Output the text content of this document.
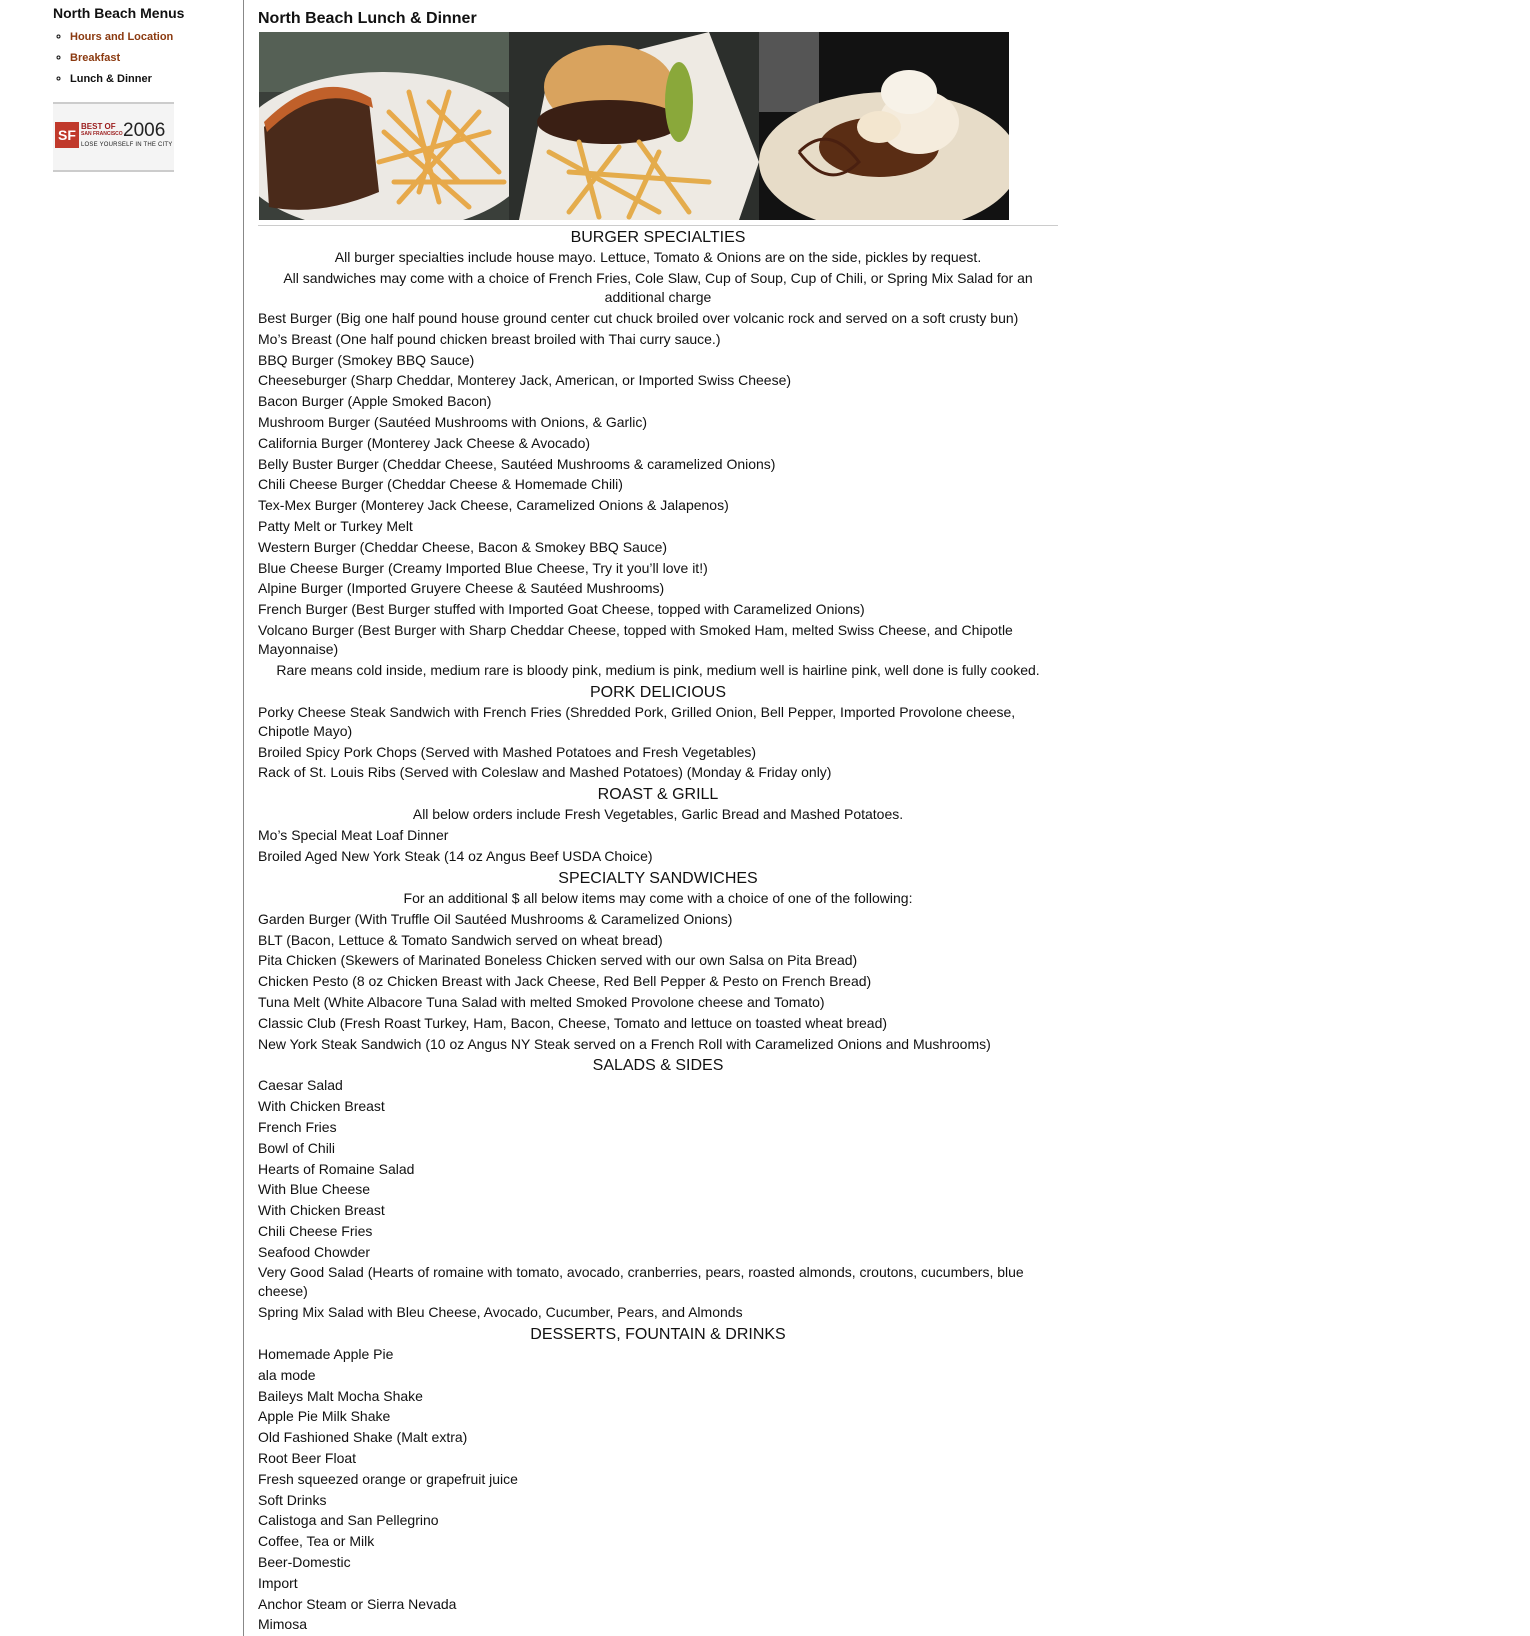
North Beach Menus
◦ Hours and Location
◦ Breakfast
◦ Lunch & Dinner
SF
BEST OF
SAN FRANCISCO 2006
LOSE YOURSELF IN THE CITY
North Beach Lunch & Dinner
BURGER SPECIALTIES
All burger specialties include house mayo. Lettuce, Tomato & Onions are on the side, pickles by request.
All sandwiches may come with a choice of French Fries, Cole Slaw, Cup of Soup, Cup of Chili, or Spring Mix Salad for an additional charge
Best Burger (Big one half pound house ground center cut chuck broiled over volcanic rock and served on a soft crusty bun)
Mo’s Breast (One half pound chicken breast broiled with Thai curry sauce.)
BBQ Burger (Smokey BBQ Sauce)
Cheeseburger (Sharp Cheddar, Monterey Jack, American, or Imported Swiss Cheese)
Bacon Burger (Apple Smoked Bacon)
Mushroom Burger (Sautéed Mushrooms with Onions, & Garlic)
California Burger (Monterey Jack Cheese & Avocado)
Belly Buster Burger (Cheddar Cheese, Sautéed Mushrooms & caramelized Onions)
Chili Cheese Burger (Cheddar Cheese & Homemade Chili)
Tex-Mex Burger (Monterey Jack Cheese, Caramelized Onions & Jalapenos)
Patty Melt or Turkey Melt
Western Burger (Cheddar Cheese, Bacon & Smokey BBQ Sauce)
Blue Cheese Burger (Creamy Imported Blue Cheese, Try it you’ll love it!)
Alpine Burger (Imported Gruyere Cheese & Sautéed Mushrooms)
French Burger (Best Burger stuffed with Imported Goat Cheese, topped with Caramelized Onions)
Volcano Burger (Best Burger with Sharp Cheddar Cheese, topped with Smoked Ham, melted Swiss Cheese, and Chipotle Mayonnaise)
Rare means cold inside, medium rare is bloody pink, medium is pink, medium well is hairline pink, well done is fully cooked.
PORK DELICIOUS
Porky Cheese Steak Sandwich with French Fries (Shredded Pork, Grilled Onion, Bell Pepper, Imported Provolone cheese, Chipotle Mayo)
Broiled Spicy Pork Chops (Served with Mashed Potatoes and Fresh Vegetables)
Rack of St. Louis Ribs (Served with Coleslaw and Mashed Potatoes) (Monday & Friday only)
ROAST & GRILL
All below orders include Fresh Vegetables, Garlic Bread and Mashed Potatoes.
Mo’s Special Meat Loaf Dinner
Broiled Aged New York Steak (14 oz Angus Beef USDA Choice)
SPECIALTY SANDWICHES
For an additional $ all below items may come with a choice of one of the following:
Garden Burger (With Truffle Oil Sautéed Mushrooms & Caramelized Onions)
BLT (Bacon, Lettuce & Tomato Sandwich served on wheat bread)
Pita Chicken (Skewers of Marinated Boneless Chicken served with our own Salsa on Pita Bread)
Chicken Pesto (8 oz Chicken Breast with Jack Cheese, Red Bell Pepper & Pesto on French Bread)
Tuna Melt (White Albacore Tuna Salad with melted Smoked Provolone cheese and Tomato)
Classic Club (Fresh Roast Turkey, Ham, Bacon, Cheese, Tomato and lettuce on toasted wheat bread)
New York Steak Sandwich (10 oz Angus NY Steak served on a French Roll with Caramelized Onions and Mushrooms)
SALADS & SIDES
Caesar Salad
With Chicken Breast
French Fries
Bowl of Chili
Hearts of Romaine Salad
With Blue Cheese
With Chicken Breast
Chili Cheese Fries
Seafood Chowder
Very Good Salad (Hearts of romaine with tomato, avocado, cranberries, pears, roasted almonds, croutons, cucumbers, blue cheese)
Spring Mix Salad with Bleu Cheese, Avocado, Cucumber, Pears, and Almonds
DESSERTS, FOUNTAIN & DRINKS
Homemade Apple Pie
ala mode
Baileys Malt Mocha Shake
Apple Pie Milk Shake
Old Fashioned Shake (Malt extra)
Root Beer Float
Fresh squeezed orange or grapefruit juice
Soft Drinks
Calistoga and San Pellegrino
Coffee, Tea or Milk
Beer-Domestic
Import
Anchor Steam or Sierra Nevada
Mimosa
